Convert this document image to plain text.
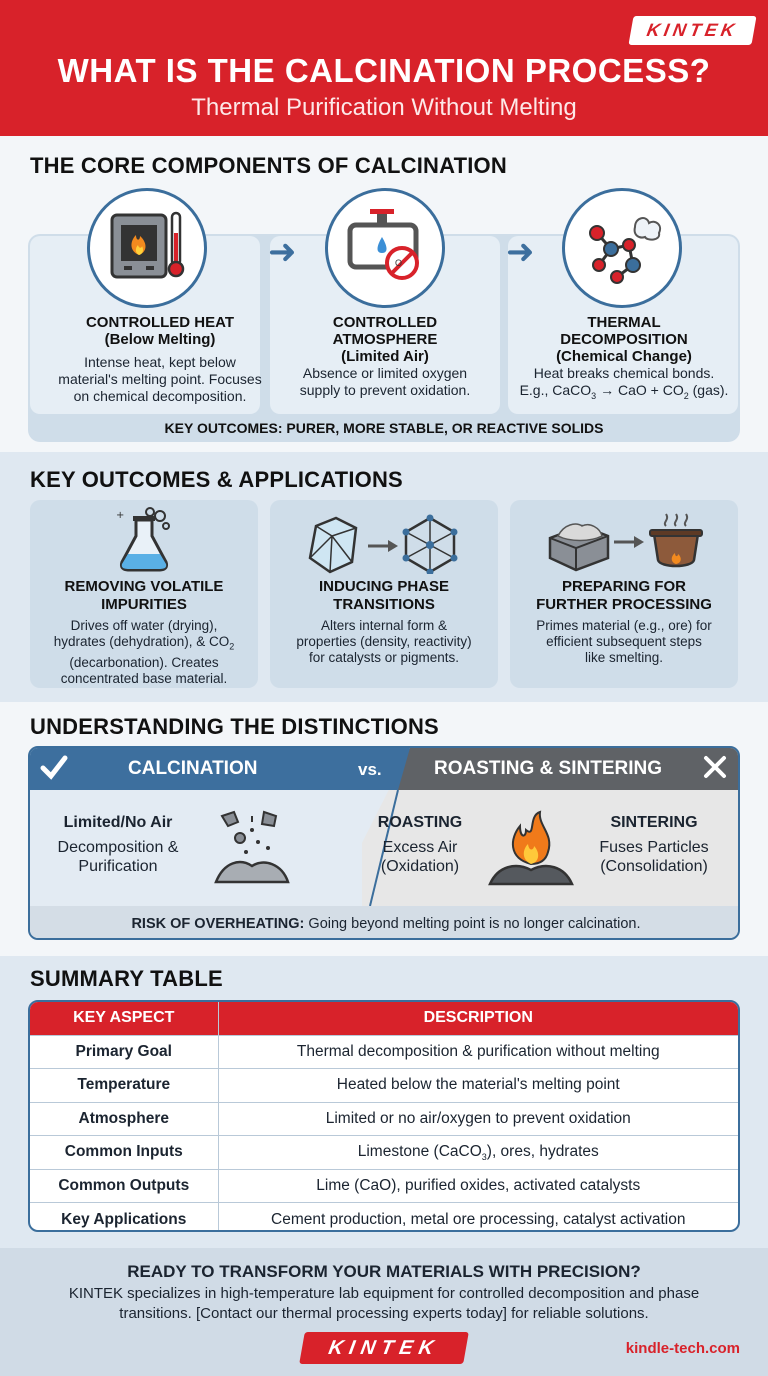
KINTEK
WHAT IS THE CALCINATION PROCESS?
Thermal Purification Without Melting
THE CORE COMPONENTS OF CALCINATION
➜	➜
CONTROLLED HEAT
(Below Melting)
Intense heat, kept below
material's melting point. Focuses
on chemical decomposition.
O
CONTROLLED
ATMOSPHERE
(Limited Air)
Absence or limited oxygen
supply to prevent oxidation.
THERMAL
DECOMPOSITION
(Chemical Change)
Heat breaks chemical bonds.
E.g., CaCO$_3$ → CaO + $CO_2$ (gas).
KEY OUTCOMES: PURER, MORE STABLE, OR REACTIVE SOLIDS
KEY OUTCOMES & APPLICATIONS
+
REMOVING VOLATILE
IMPURITIES
Drives off water (drying),
hydrates (dehydration), & $CO_2$
(decarbonation). Creates
concentrated base material.
INDUCING PHASE
TRANSITIONS
Alters internal form &
properties (density, reactivity)
for catalysts or pigments.
PREPARING FOR
FURTHER PROCESSING
Primes material (e.g., ore) for
efficient subsequent steps
like smelting.
UNDERSTANDING THE DISTINCTIONS
RISK OF OVERHEATING: Going beyond melting point is no longer calcination.
CALCINATION	vs.	ROASTING & SINTERING
Limited/No Air
Decomposition &
Purification
ROASTING
Excess Air
(Oxidation)
SINTERING
Fuses Particles
(Consolidation)
SUMMARY TABLE
KEY ASPECT	DESCRIPTION
Primary Goal	Thermal decomposition & purification without melting
Temperature	Heated below the material's melting point
Atmosphere	Limited or no air/oxygen to prevent oxidation
Common Inputs	Limestone (CaCO$_3$), ores, hydrates
Common Outputs	Lime (CaO), purified oxides, activated catalysts
Key Applications	Cement production, metal ore processing, catalyst activation
READY TO TRANSFORM YOUR MATERIALS WITH PRECISION?
KINTEK specializes in high-temperature lab equipment for controlled decomposition and phase
transitions. [Contact our thermal processing experts today] for reliable solutions.
KINTEK	kindle-tech.com
